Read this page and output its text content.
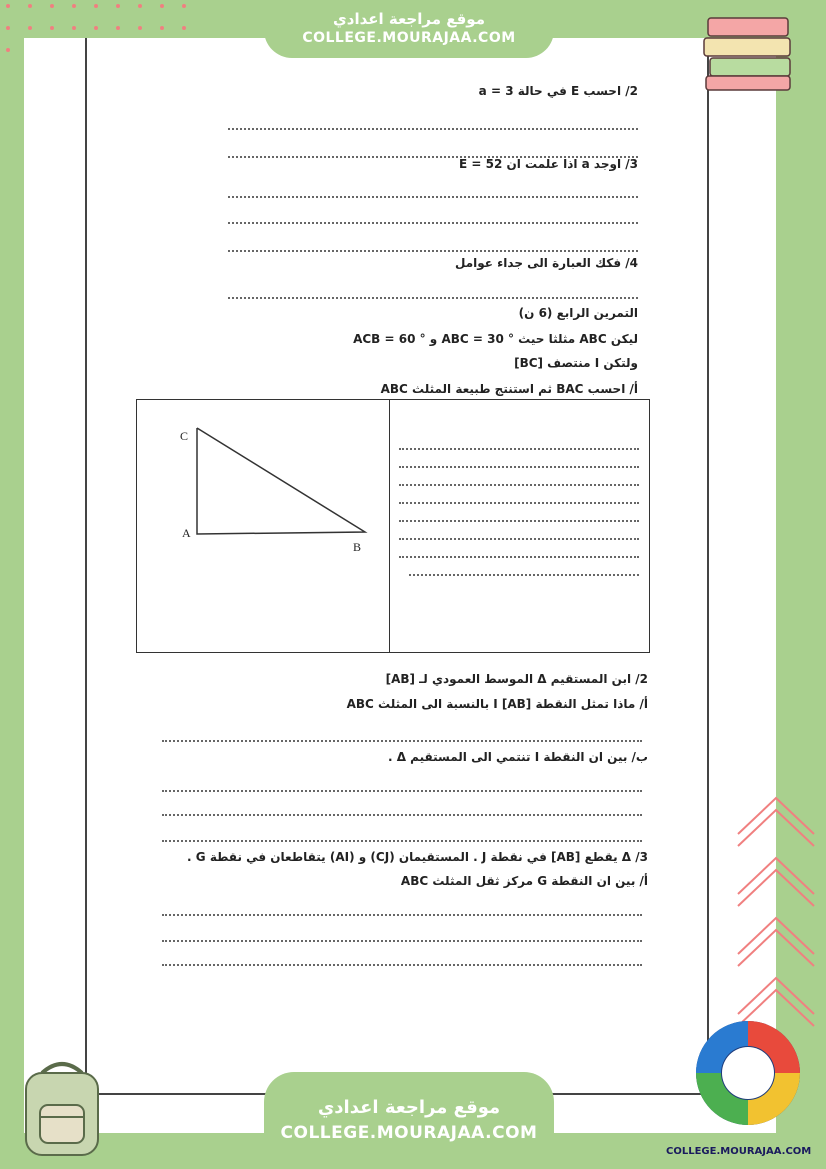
موقع مراجعة اعدادي
COLLEGE.MOURAJAA.COM
2/ احسب E في حالة 3 = a
3/ اوجد a اذا علمت ان E = 52
4/ فكك العبارة الى جداء عوامل
التمرين الرابع (6 ن)
ليكن ABC مثلثا حيث ° ABC = 30 و ° ACB = 60
ولتكن I منتصف [BC]
أ/ احسب BAC ثم استنتج طبيعة المثلث ABC
C
A
B
2/ ابن المستقيم Δ الموسط العمودي لـ [AB]
أ/ ماذا تمثل النقطة I [AB] بالنسبة الى المثلث ABC
ب/ بين ان النقطة I تنتمي الى المستقيم Δ .
3/ Δ يقطع [AB] في نقطة J . المستقيمان (CJ) و (AI) يتقاطعان في نقطة G .
أ/ بين ان النقطة G مركز ثقل المثلث ABC
COLLEGE.MOURAJAA.COM
موقع مراجعة اعدادي
COLLEGE.MOURAJAA.COM
